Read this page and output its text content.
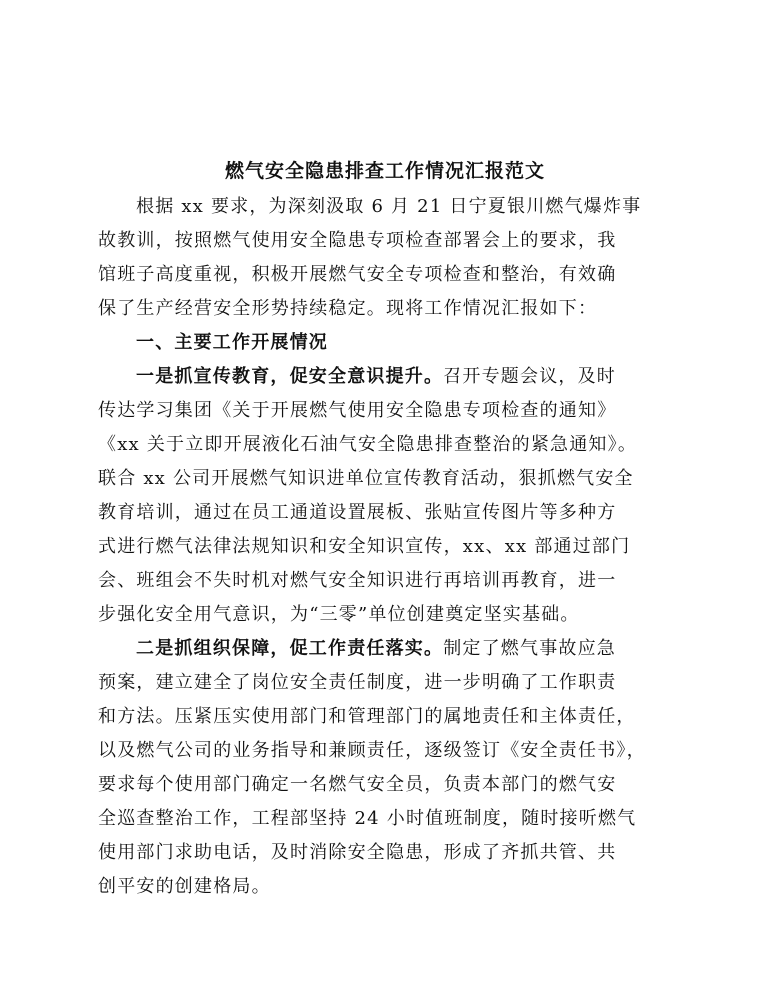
燃气安全隐患排查工作情况汇报范文
根据 xx 要求，为深刻汲取 6 月 21 日宁夏银川燃气爆炸事
故教训，按照燃气使用安全隐患专项检查部署会上的要求，我
馆班子高度重视，积极开展燃气安全专项检查和整治，有效确
保了生产经营安全形势持续稳定。现将工作情况汇报如下：
一、主要工作开展情况
一是抓宣传教育，促安全意识提升。召开专题会议，及时
传达学习集团《关于开展燃气使用安全隐患专项检查的通知》
《xx 关于立即开展液化石油气安全隐患排查整治的紧急通知》。
联合 xx 公司开展燃气知识进单位宣传教育活动，狠抓燃气安全
教育培训，通过在员工通道设置展板、张贴宣传图片等多种方
式进行燃气法律法规知识和安全知识宣传，xx、xx 部通过部门
会、班组会不失时机对燃气安全知识进行再培训再教育，进一
步强化安全用气意识，为“三零”单位创建奠定坚实基础。
二是抓组织保障，促工作责任落实。制定了燃气事故应急
预案，建立建全了岗位安全责任制度，进一步明确了工作职责
和方法。压紧压实使用部门和管理部门的属地责任和主体责任，
以及燃气公司的业务指导和兼顾责任，逐级签订《安全责任书》，
要求每个使用部门确定一名燃气安全员，负责本部门的燃气安
全巡查整治工作，工程部坚持 24 小时值班制度，随时接听燃气
使用部门求助电话，及时消除安全隐患，形成了齐抓共管、共
创平安的创建格局。
